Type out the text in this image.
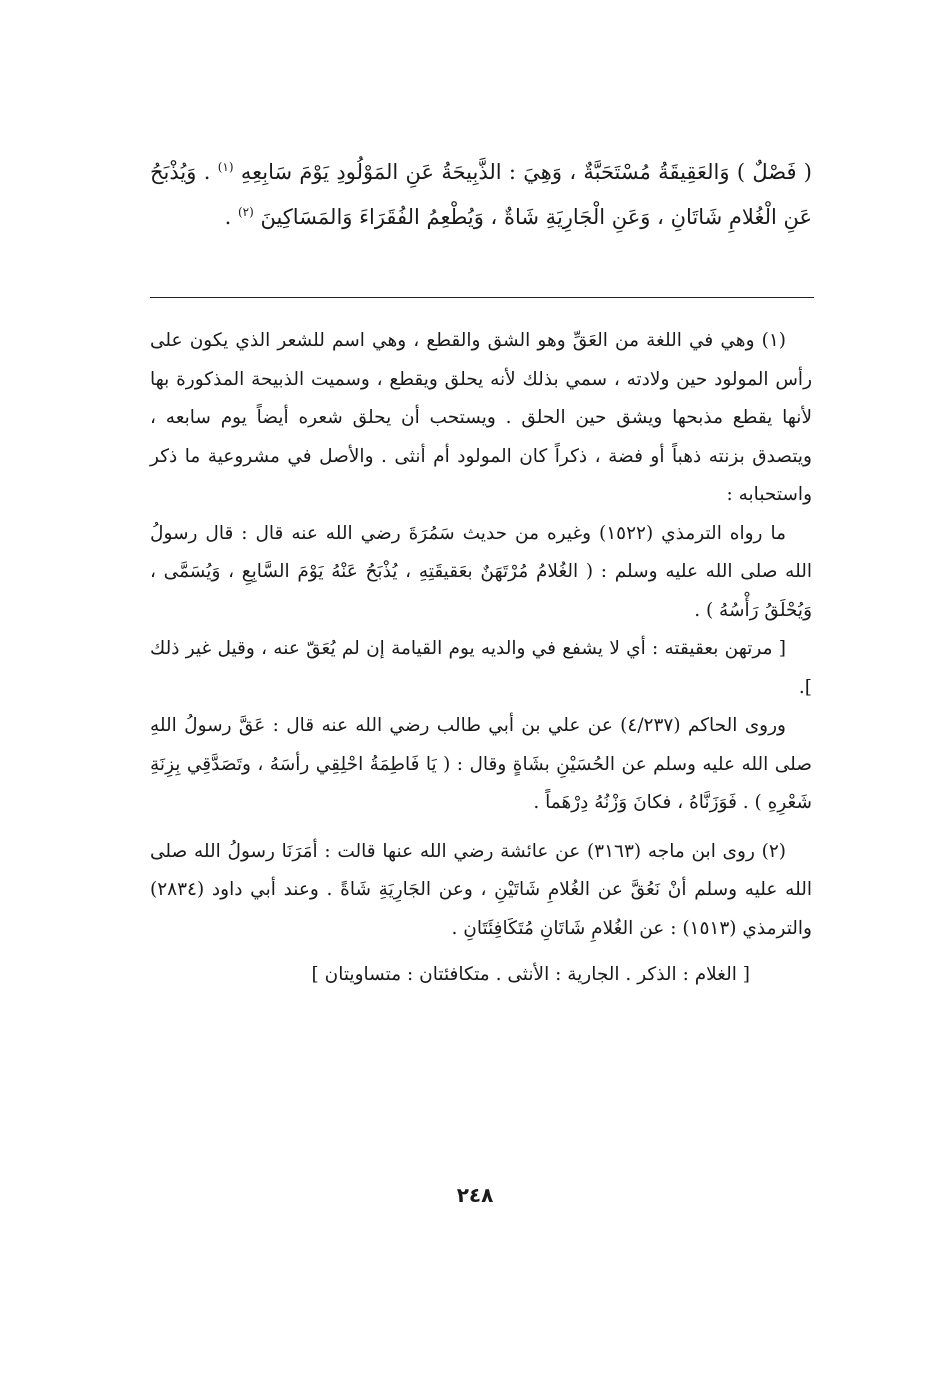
( فَصْلٌ ) وَالعَقِيقَةُ مُسْتَحَبَّةٌ ، وَهِيَ : الذَّبِيحَةُ عَنِ المَوْلُودِ يَوْمَ سَابِعِهِ $^{(١)}$ . وَيُذْبَحُ عَنِ الْغُلامِ شَاتَانِ ، وَعَنِ الْجَارِيَةِ شَاةٌ ، وَيُطْعِمُ الفُقَرَاءَ وَالمَسَاكِينَ $^{(٢)}$ .

(١) وهي في اللغة من العَقِّ وهو الشق والقطع ، وهي اسم للشعر الذي يكون على رأس المولود حين ولادته ، سمي بذلك لأنه يحلق ويقطع ، وسميت الذبيحة المذكورة بها لأنها يقطع مذبحها ويشق حين الحلق . ويستحب أن يحلق شعره أيضاً يوم سابعه ، ويتصدق بزنته ذهباً أو فضة ، ذكراً كان المولود أم أنثى . والأصل في مشروعية ما ذكر واستحبابه :

ما رواه الترمذي (١٥٢٢) وغيره من حديث سَمُرَةَ رضي الله عنه قال : قال رسولُ الله صلى الله عليه وسلم : ( الغُلامُ مُرْتَهَنٌ بعَقيقَتِهِ ، يُذْبَحُ عَنْهُ يَوْمَ السَّابِعِ ، وَيُسَمَّى ، وَيُحْلَقُ رَأْسُهُ ) .

[ مرتهن بعقيقته : أي لا يشفع في والديه يوم القيامة إن لم يُعَقّ عنه ، وقيل غير ذلك ].

وروى الحاكم (٤/٢٣٧) عن علي بن أبي طالب رضي الله عنه قال : عَقَّ رسولُ اللهِ صلى الله عليه وسلم عن الحُسَيْنِ بشَاةٍ وقال : ( يَا فَاطِمَةُ احْلِقِي رأسَهُ ، وتَصَدَّقِي بِزِنَةِ شَعْرِهِ ) . فَوَزَنَّاهُ ، فكانَ وَزْنُهُ دِرْهَماً .

(٢) روى ابن ماجه (٣١٦٣) عن عائشة رضي الله عنها قالت : أمَرَنَا رسولُ الله صلى الله عليه وسلم أنْ نَعُقَّ عن الغُلامِ شَاتَيْنِ ، وعن الجَارِيَةِ شَاةً . وعند أبي داود (٢٨٣٤) والترمذي (١٥١٣) : عن الغُلامِ شَاتَانِ مُتَكَافِئَتَانِ .

[ الغلام : الذكر . الجارية : الأنثى . متكافئتان : متساويتان ]

٢٤٨
